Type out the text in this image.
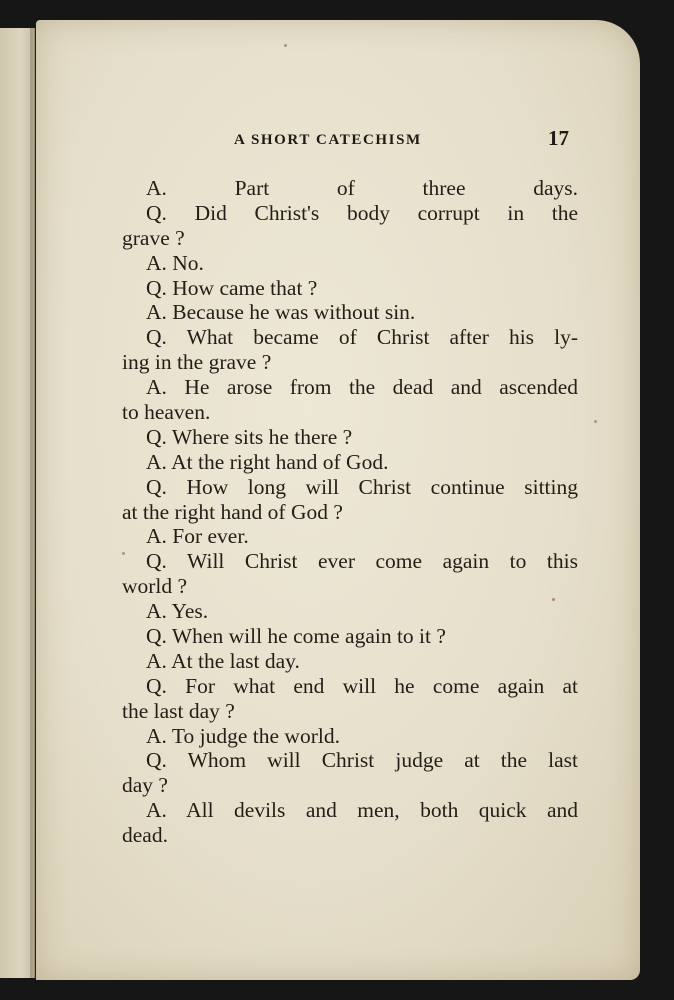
A SHORT CATECHISM	17
A. Part of three days.
Q. Did Christ's body corrupt in the
grave ?
A. No.
Q. How came that ?
A. Because he was without sin.
Q. What became of Christ after his ly-
ing in the grave ?
A. He arose from the dead and ascended
to heaven.
Q. Where sits he there ?
A. At the right hand of God.
Q. How long will Christ continue sitting
at the right hand of God ?
A. For ever.
Q. Will Christ ever come again to this
world ?
A. Yes.
Q. When will he come again to it ?
A. At the last day.
Q. For what end will he come again at
the last day ?
A. To judge the world.
Q. Whom will Christ judge at the last
day ?
A. All devils and men, both quick and
dead.
